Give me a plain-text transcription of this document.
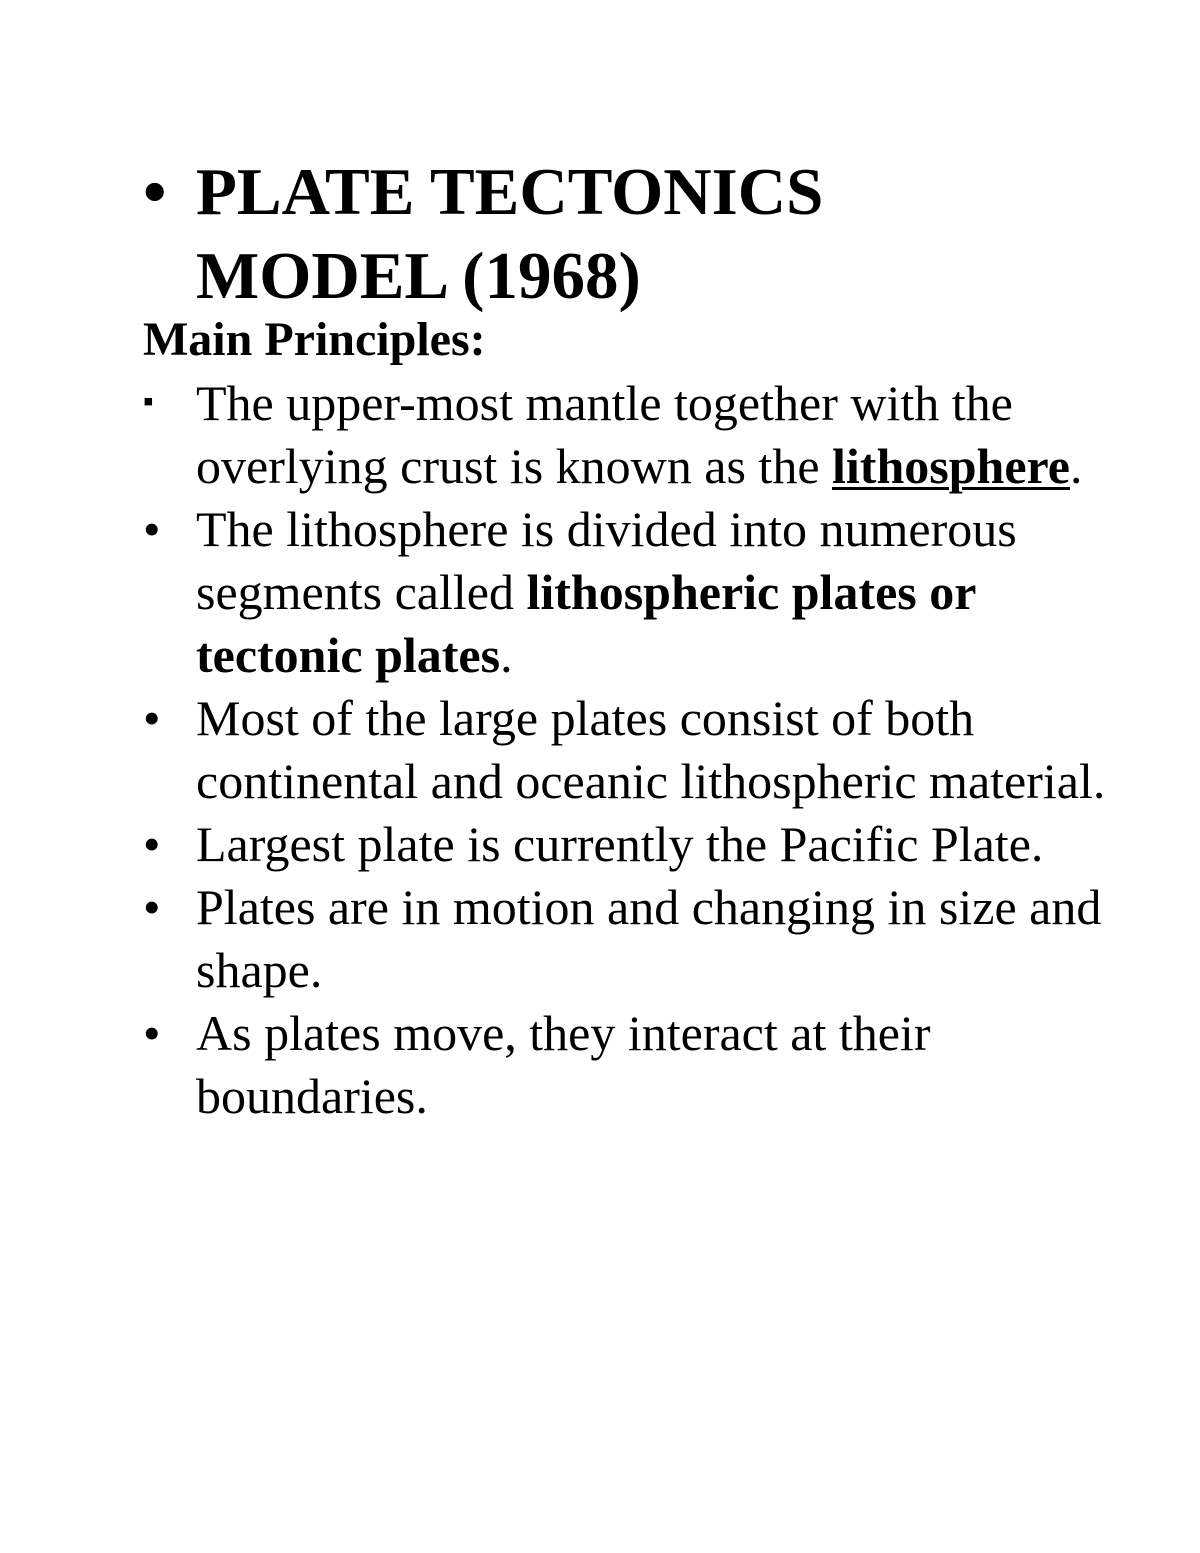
• PLATE TECTONICS
MODEL (1968)
Main Principles:
▪ The upper-most mantle together with the overlying crust is known as the lithosphere.
• The lithosphere is divided into numerous segments called lithospheric plates or tectonic plates.
• Most of the large plates consist of both continental and oceanic lithospheric material.
• Largest plate is currently the Pacific Plate.
• Plates are in motion and changing in size and shape.
• As plates move, they interact at their boundaries.
